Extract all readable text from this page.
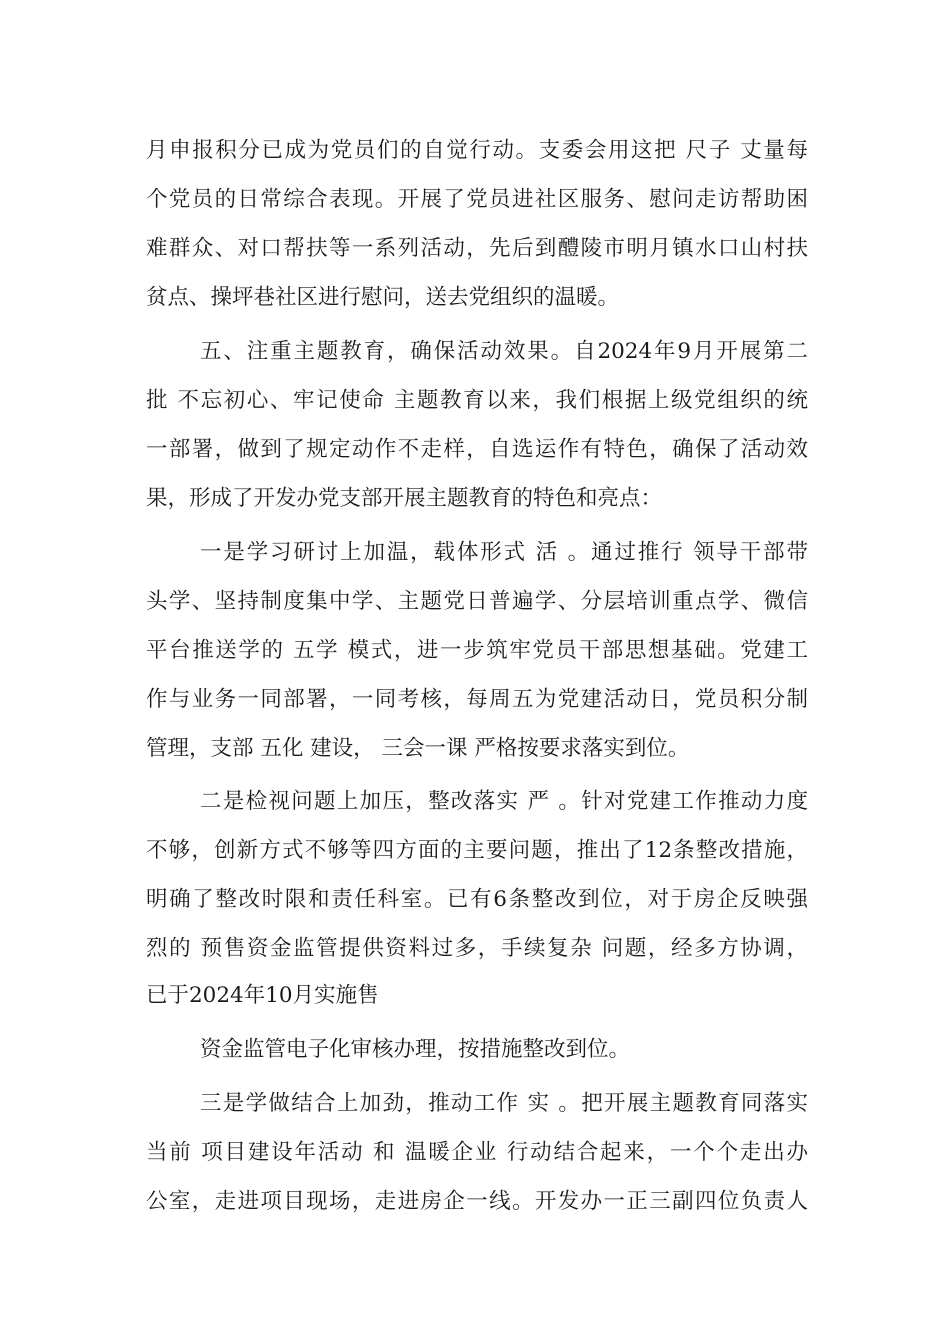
月申报积分已成为党员们的自觉行动。支委会用这把 尺子 丈量每
个党员的日常综合表现。开展了党员进社区服务、慰问走访帮助困
难群众、对口帮扶等一系列活动，先后到醴陵市明月镇水口山村扶
贫点、操坪巷社区进行慰问，送去党组织的温暖。
五、注重主题教育，确保活动效果。自2024年9月开展第二
批 不忘初心、牢记使命 主题教育以来，我们根据上级党组织的统
一部署，做到了规定动作不走样，自选运作有特色，确保了活动效
果，形成了开发办党支部开展主题教育的特色和亮点：
一是学习研讨上加温，载体形式 活 。通过推行 领导干部带
头学、坚持制度集中学、主题党日普遍学、分层培训重点学、微信
平台推送学的 五学 模式，进一步筑牢党员干部思想基础。党建工
作与业务一同部署，一同考核，每周五为党建活动日，党员积分制
管理，支部 五化 建设， 三会一课 严格按要求落实到位。
二是检视问题上加压，整改落实 严 。针对党建工作推动力度
不够，创新方式不够等四方面的主要问题，推出了12条整改措施，
明确了整改时限和责任科室。已有6条整改到位，对于房企反映强
烈的 预售资金监管提供资料过多，手续复杂 问题，经多方协调，
已于2024年10月实施售
资金监管电子化审核办理，按措施整改到位。
三是学做结合上加劲，推动工作 实 。把开展主题教育同落实
当前 项目建设年活动 和 温暖企业 行动结合起来，一个个走出办
公室，走进项目现场，走进房企一线。开发办一正三副四位负责人
